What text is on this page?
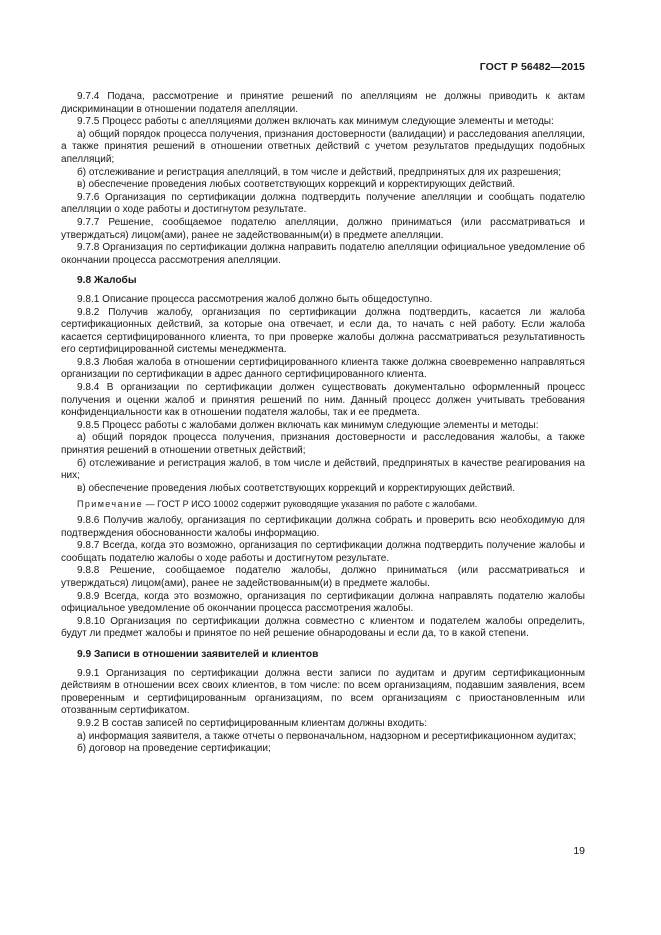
ГОСТ Р 56482—2015

9.7.4 Подача, рассмотрение и принятие решений по апелляциям не должны приводить к актам дискриминации в отношении подателя апелляции.

9.7.5 Процесс работы с апелляциями должен включать как минимум следующие элементы и методы:

а) общий порядок процесса получения, признания достоверности (валидации) и расследования апелляции, а также принятия решений в отношении ответных действий с учетом результатов предыдущих подобных апелляций;

б) отслеживание и регистрация апелляций, в том числе и действий, предпринятых для их разрешения;

в) обеспечение проведения любых соответствующих коррекций и корректирующих действий.

9.7.6 Организация по сертификации должна подтвердить получение апелляции и сообщать подателю апелляции о ходе работы и достигнутом результате.

9.7.7 Решение, сообщаемое подателю апелляции, должно приниматься (или рассматриваться и утверждаться) лицом(ами), ранее не задействованным(и) в предмете апелляции.

9.7.8 Организация по сертификации должна направить подателю апелляции официальное уведомление об окончании процесса рассмотрения апелляции.

9.8 Жалобы

9.8.1 Описание процесса рассмотрения жалоб должно быть общедоступно.

9.8.2 Получив жалобу, организация по сертификации должна подтвердить, касается ли жалоба сертификационных действий, за которые она отвечает, и если да, то начать с ней работу. Если жалоба касается сертифицированного клиента, то при проверке жалобы должна рассматриваться результативность его сертифицированной системы менеджмента.

9.8.3 Любая жалоба в отношении сертифицированного клиента также должна своевременно направляться организации по сертификации в адрес данного сертифицированного клиента.

9.8.4 В организации по сертификации должен существовать документально оформленный процесс получения и оценки жалоб и принятия решений по ним. Данный процесс должен учитывать требования конфиденциальности как в отношении подателя жалобы, так и ее предмета.

9.8.5 Процесс работы с жалобами должен включать как минимум следующие элементы и методы:

а) общий порядок процесса получения, признания достоверности и расследования жалобы, а также принятия решений в отношении ответных действий;

б) отслеживание и регистрация жалоб, в том числе и действий, предпринятых в качестве реагирования на них;

в) обеспечение проведения любых соответствующих коррекций и корректирующих действий.

Примечание — ГОСТ Р ИСО 10002 содержит руководящие указания по работе с жалобами.

9.8.6 Получив жалобу, организация по сертификации должна собрать и проверить всю необходимую для подтверждения обоснованности жалобы информацию.

9.8.7 Всегда, когда это возможно, организация по сертификации должна подтвердить получение жалобы и сообщать подателю жалобы о ходе работы и достигнутом результате.

9.8.8 Решение, сообщаемое подателю жалобы, должно приниматься (или рассматриваться и утверждаться) лицом(ами), ранее не задействованным(и) в предмете жалобы.

9.8.9 Всегда, когда это возможно, организация по сертификации должна направлять подателю жалобы официальное уведомление об окончании процесса рассмотрения жалобы.

9.8.10 Организация по сертификации должна совместно с клиентом и подателем жалобы определить, будут ли предмет жалобы и принятое по ней решение обнародованы и если да, то в какой степени.

9.9 Записи в отношении заявителей и клиентов

9.9.1 Организация по сертификации должна вести записи по аудитам и другим сертификационным действиям в отношении всех своих клиентов, в том числе: по всем организациям, подавшим заявления, всем проверенным и сертифицированным организациям, по всем организациям с приостановленным или отозванным сертификатом.

9.9.2 В состав записей по сертифицированным клиентам должны входить:

а) информация заявителя, а также отчеты о первоначальном, надзорном и ресертификационном аудитах;

б) договор на проведение сертификации;

19
